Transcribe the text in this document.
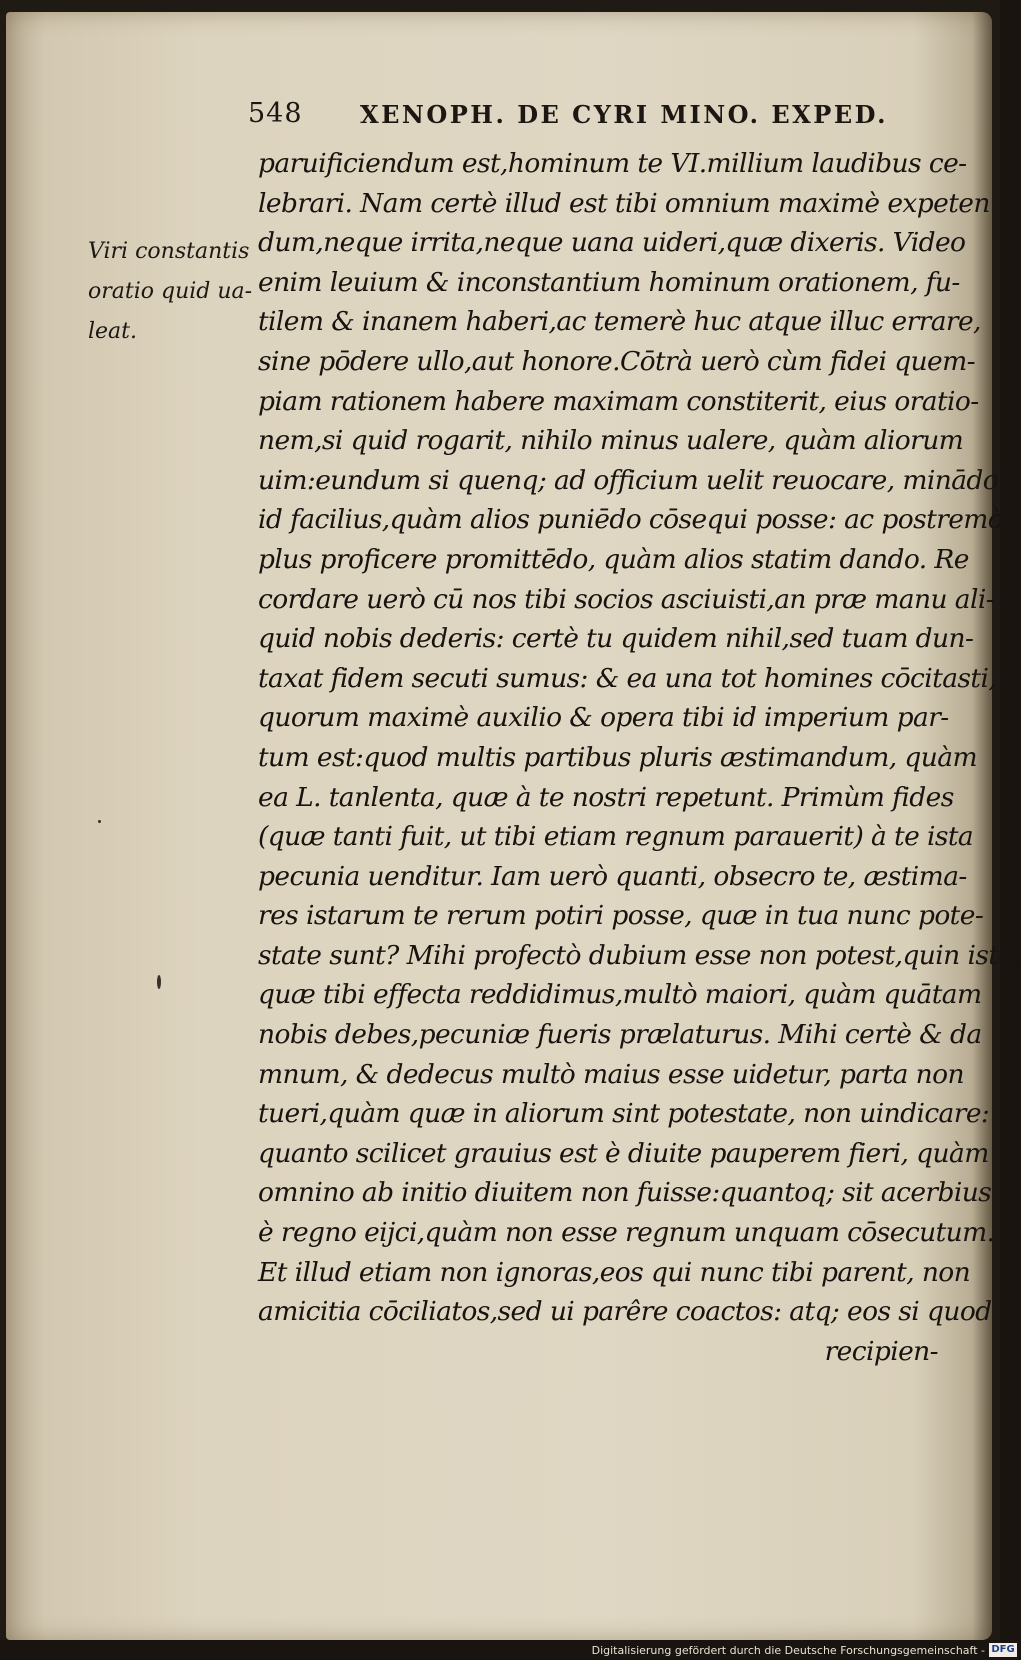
548 XENOPH. DE CYRI MINO. EXPED.
Viri constantis
oratio quid ua-
leat.
paruificiendum est,hominum te VI.millium laudibus ce-
lebrari. Nam certè illud est tibi omnium maximè expeten
dum,neque irrita,neque uana uideri,quæ dixeris. Video
enim leuium & inconstantium hominum orationem, fu-
tilem & inanem haberi,ac temerè huc atque illuc errare,
sine pōdere ullo,aut honore.Cōtrà uerò cùm fidei quem-
piam rationem habere maximam constiterit, eius oratio-
nem,si quid rogarit, nihilo minus ualere, quàm aliorum
uim:eundum si quenq; ad officium uelit reuocare, minādo
id facilius,quàm alios puniēdo cōsequi posse: ac postremò
plus proficere promittēdo, quàm alios statim dando. Re
cordare uerò cū nos tibi socios asciuisti,an præ manu ali-
quid nobis dederis: certè tu quidem nihil,sed tuam dun-
taxat fidem secuti sumus: & ea una tot homines cōcitasti,
quorum maximè auxilio & opera tibi id imperium par-
tum est:quod multis partibus pluris æstimandum, quàm
ea L. tanlenta, quæ à te nostri repetunt. Primùm fides
(quæ tanti fuit, ut tibi etiam regnum parauerit) à te ista
pecunia uenditur. Iam uerò quanti, obsecro te, æstima-
res istarum te rerum potiri posse, quæ in tua nunc pote-
state sunt? Mihi profectò dubium esse non potest,quin ista,
quæ tibi effecta reddidimus,multò maiori, quàm quātam
nobis debes,pecuniæ fueris prælaturus. Mihi certè & da
mnum, & dedecus multò maius esse uidetur, parta non
tueri,quàm quæ in aliorum sint potestate, non uindicare:
quanto scilicet grauius est è diuite pauperem fieri, quàm
omnino ab initio diuitem non fuisse:quantoq; sit acerbius
è regno eijci,quàm non esse regnum unquam cōsecutum.
Et illud etiam non ignoras,eos qui nunc tibi parent, non
amicitia cōciliatos,sed ui parêre coactos: atq; eos si quod
recipien-
Digitalisierung gefördert durch die Deutsche Forschungsgemeinschaft - DFG
